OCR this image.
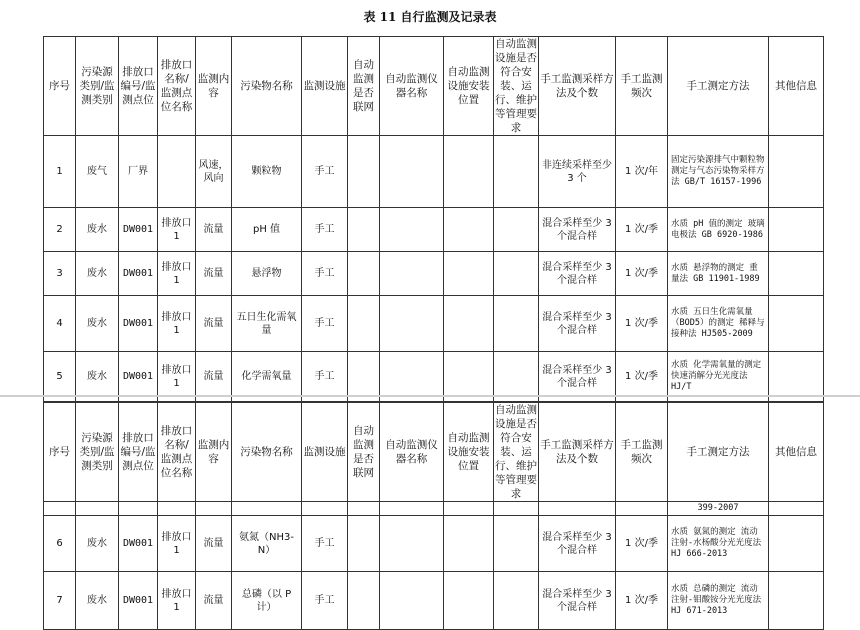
表 11 自行监测及记录表
序号	污染源类别/监测类别	排放口编号/监测点位	排放口名称/监测点位名称	监测内容	污染物名称	监测设施	自动监测是否联网	自动监测仪器名称	自动监测设施安装位置	自动监测设施是否符合安装、运行、维护等管理要求	手工监测采样方法及个数	手工监测频次	手工测定方法	其他信息
1	废气	厂界		风速，风向	颗粒物	手工					非连续采样至少 3 个	1 次/年	固定污染源排气中颗粒物测定与气态污染物采样方法 GB/T 16157-1996	
2	废水	DW001	排放口1	流量	pH 值	手工					混合采样至少 3 个混合样	1 次/季	水质 pH 值的测定 玻璃电极法 GB 6920-1986	
3	废水	DW001	排放口1	流量	悬浮物	手工					混合采样至少 3 个混合样	1 次/季	水质 悬浮物的测定 重量法 GB 11901-1989	
4	废水	DW001	排放口1	流量	五日生化需氧量	手工					混合采样至少 3 个混合样	1 次/季	水质 五日生化需氧量（BOD5）的测定 稀释与接种法 HJ505-2009	
5	废水	DW001	排放口1	流量	化学需氧量	手工					混合采样至少 3 个混合样	1 次/季	水质 化学需氧量的测定 快速消解分光光度法 HJ/T	
序号	污染源类别/监测类别	排放口编号/监测点位	排放口名称/监测点位名称	监测内容	污染物名称	监测设施	自动监测是否联网	自动监测仪器名称	自动监测设施安装位置	自动监测设施是否符合安装、运行、维护等管理要求	手工监测采样方法及个数	手工监测频次	手工测定方法	其他信息
													399-2007	
6	废水	DW001	排放口1	流量	氨氮（NH3-N）	手工					混合采样至少 3 个混合样	1 次/季	水质 氨氮的测定 流动注射-水杨酸分光光度法 HJ 666-2013	
7	废水	DW001	排放口1	流量	总磷（以 P 计）	手工					混合采样至少 3 个混合样	1 次/季	水质 总磷的测定 流动注射-钼酸铵分光光度法 HJ 671-2013	
